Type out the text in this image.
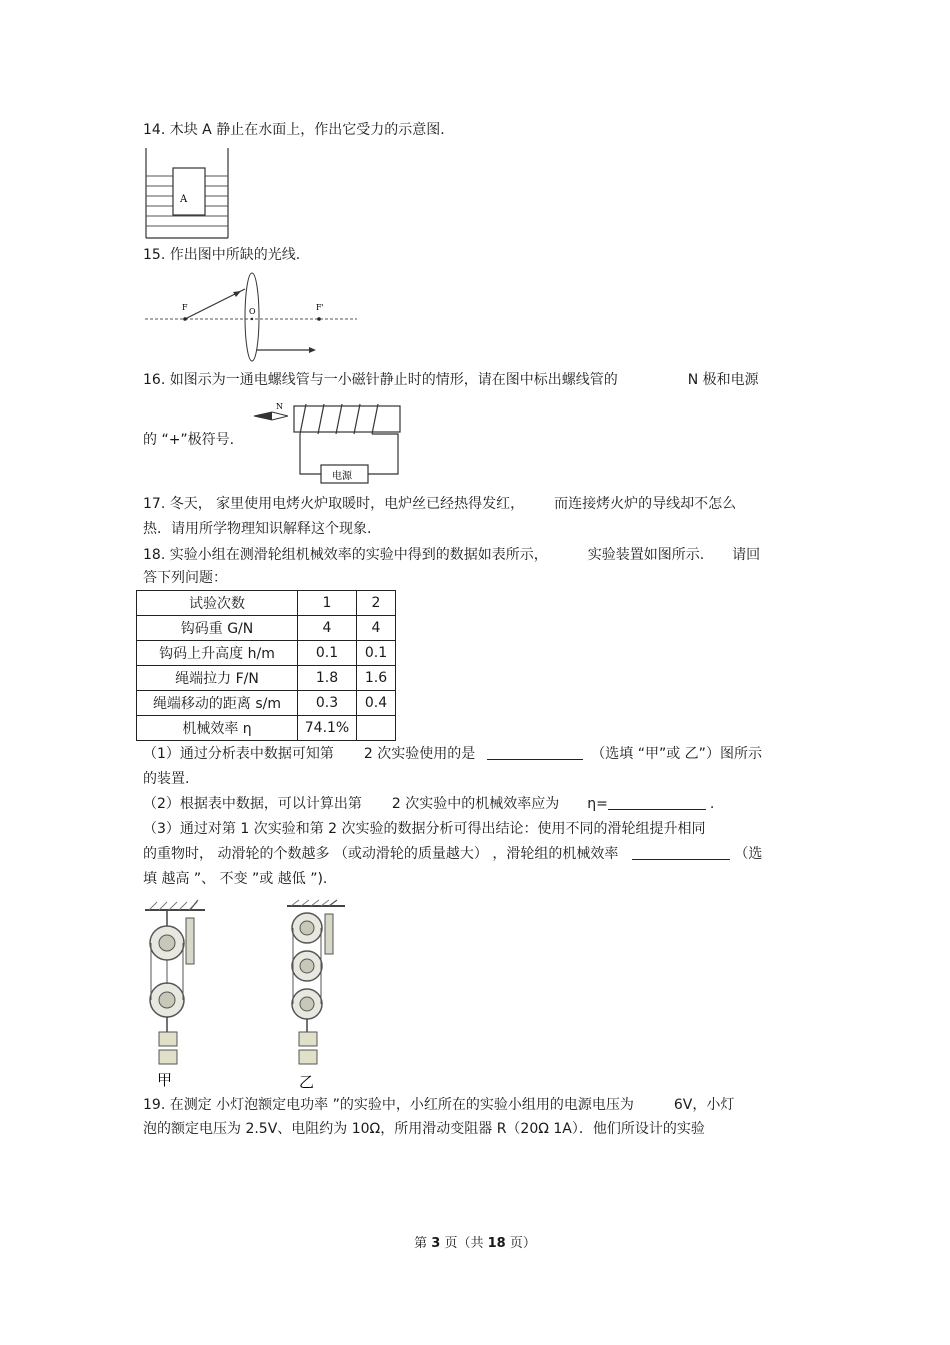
14. 木块 A 静止在水面上，作出它受力的示意图.
A
15. 作出图中所缺的光线.
F	O	F'
16. 如图示为一通电螺线管与一小磁针静止时的情形，请在图中标出螺线管的	N 极和电源
的 “+”极符号.
N
电源
17. 冬天， 家里使用电烤火炉取暖时，电炉丝已经热得发红， 而连接烤火炉的导线却不怎么
热．请用所学物理知识解释这个现象.
18. 实验小组在测滑轮组机械效率的实验中得到的数据如表所示，	实验装置如图所示. 请回
答下列问题：
试验次数	1	2
钩码重 G/N	4	4
钩码上升高度 h/m	0.1	0.1
绳端拉力 F/N	1.8	1.6
绳端移动的距离 s/m	0.3	0.4
机械效率 η	74.1%	
（1）通过分析表中数据可知第 2 次实验使用的是	（选填 “甲”或 乙”）图所示
的装置.
（2）根据表中数据，可以计算出第 2 次实验中的机械效率应为 η=	.
（3）通过对第 1 次实验和第 2 次实验的数据分析可得出结论：使用不同的滑轮组提升相同
的重物时， 动滑轮的个数越多 （或动滑轮的质量越大） ，滑轮组的机械效率	（选
填 越高 ”、 不变 ”或 越低 ”).
甲	乙
19. 在测定 小灯泡额定电功率 ”的实验中，小红所在的实验小组用的电源电压为	6V，小灯
泡的额定电压为 2.5V、电阻约为 10Ω，所用滑动变阻器 R（20Ω 1A）．他们所设计的实验
第 3 页（共 18 页）
